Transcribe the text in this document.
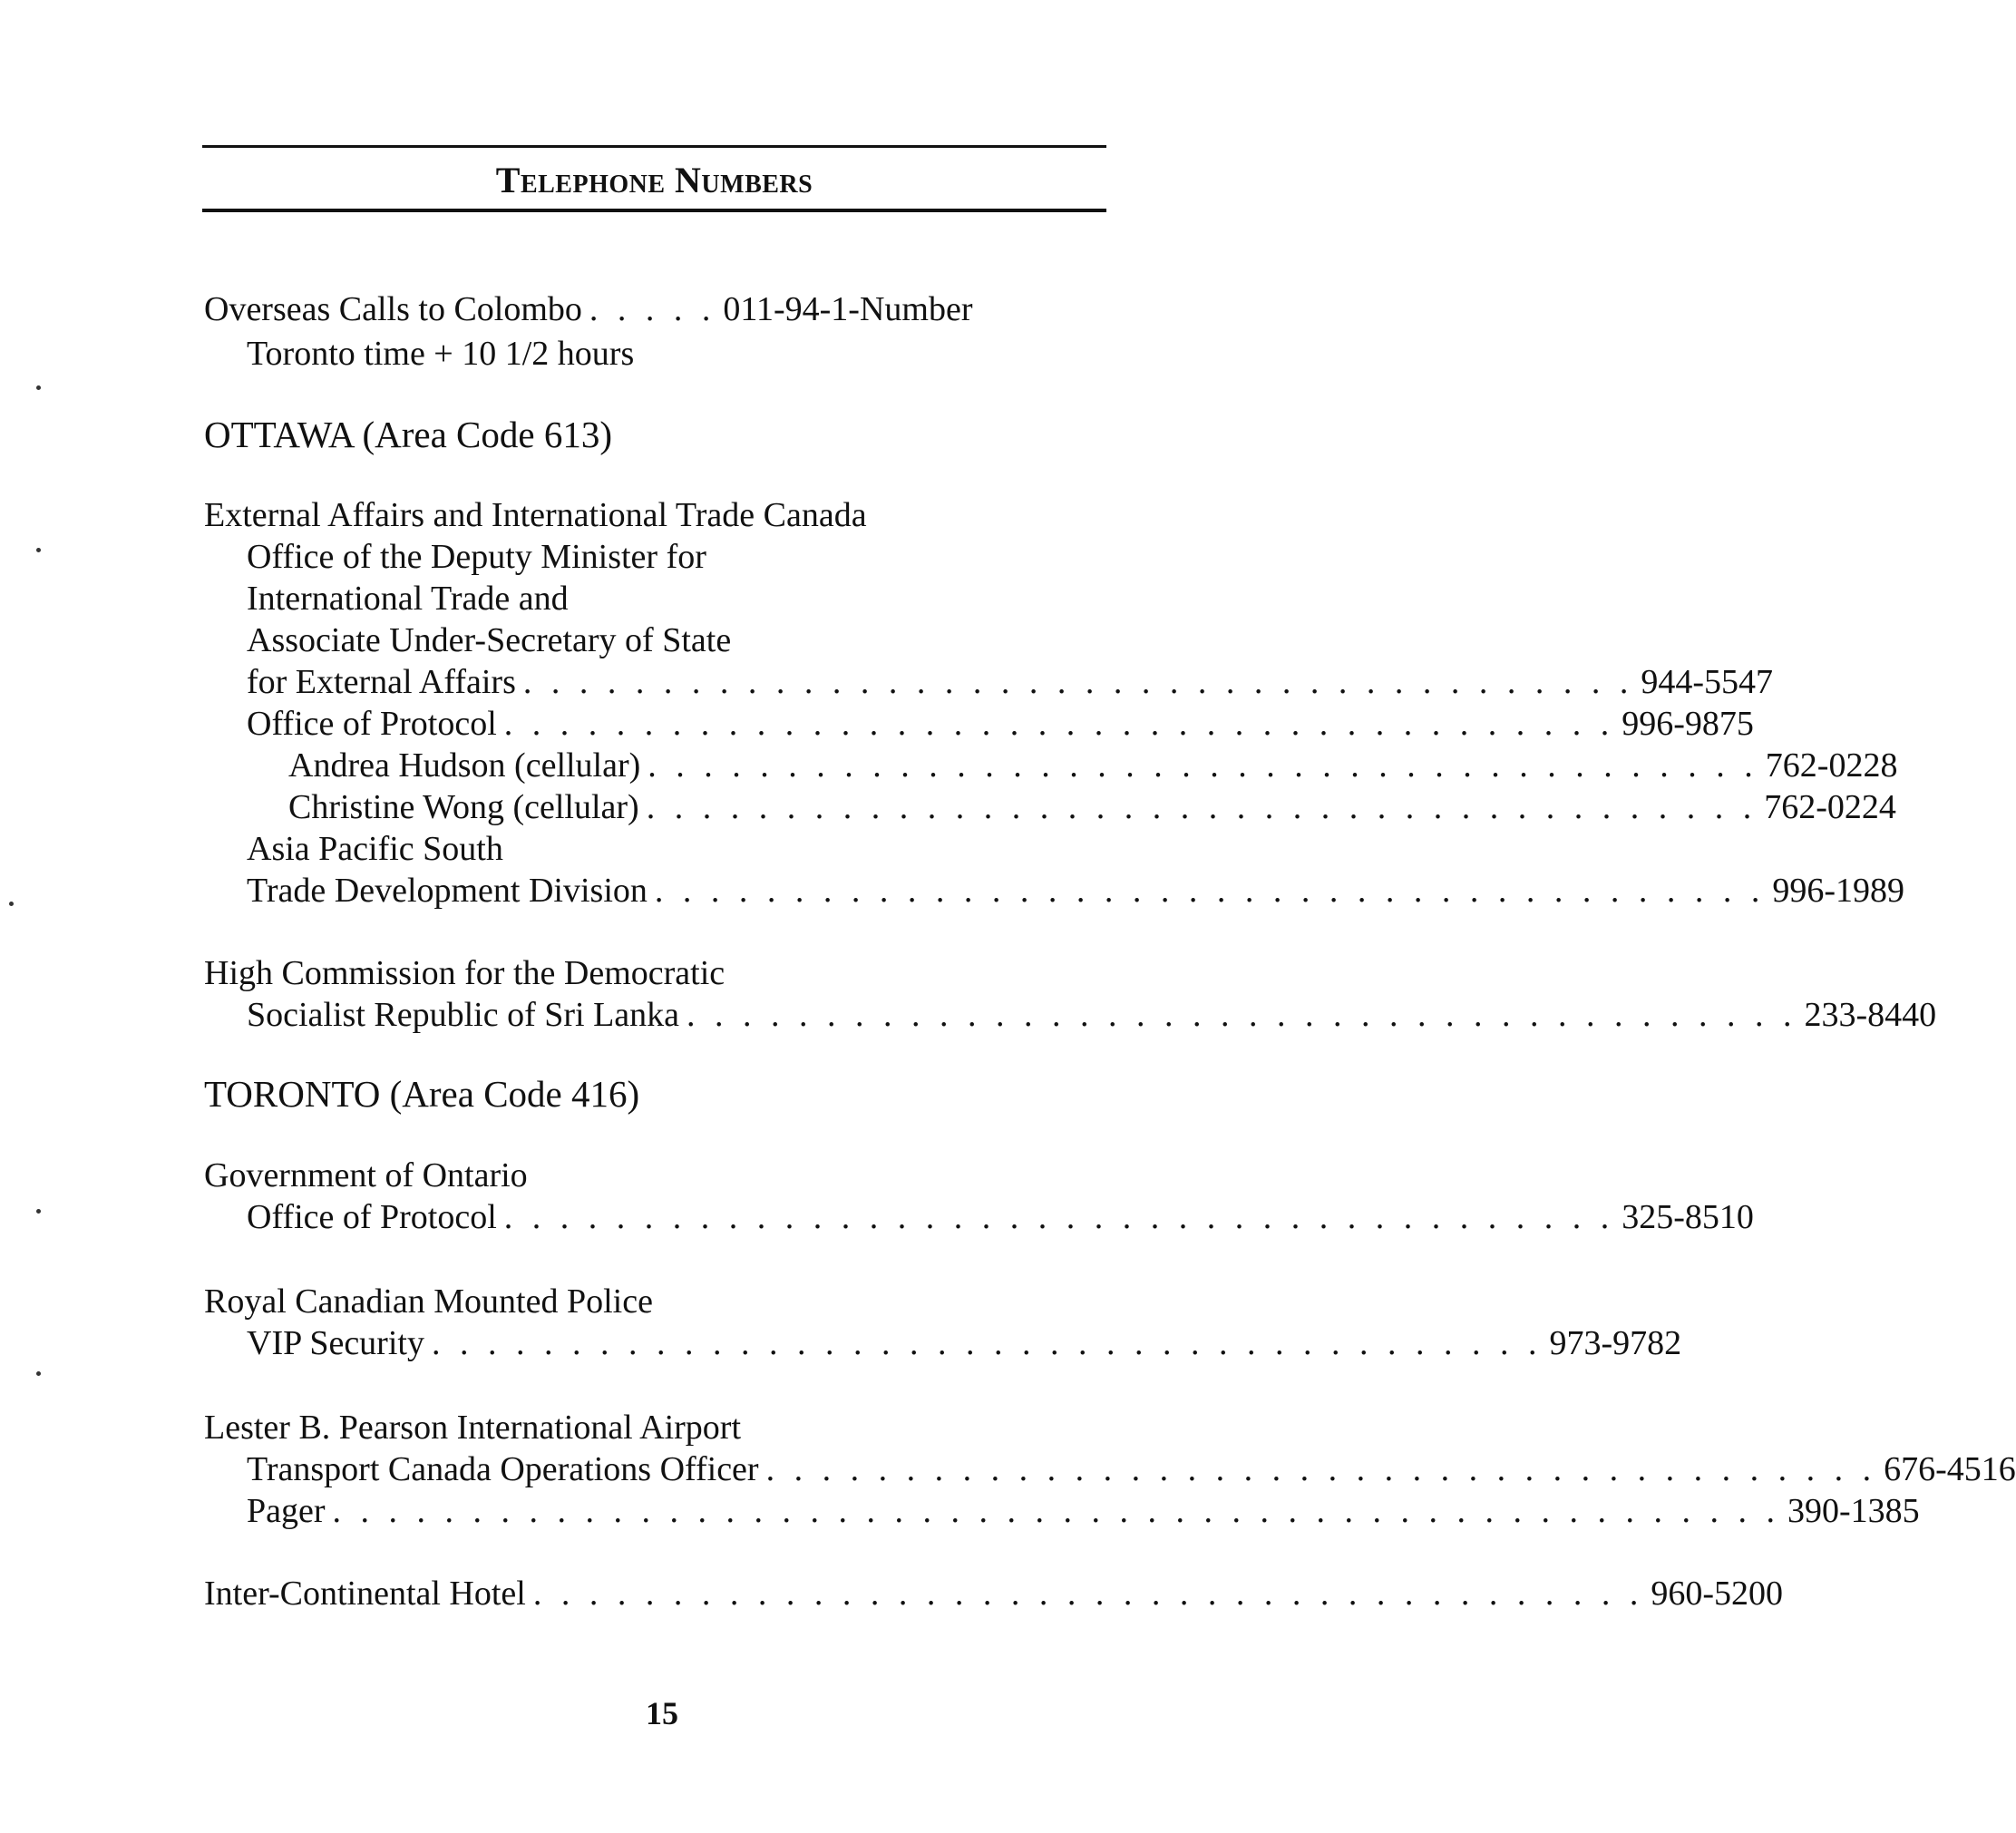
Telephone Numbers
Overseas Calls to Colombo . . . . . 011-94-1-Number
Toronto time + 10 1/2 hours
OTTAWA (Area Code 613)
External Affairs and International Trade Canada
Office of the Deputy Minister for
International Trade and
Associate Under-Secretary of State
for External Affairs . . . . . . . . . . . . . . . . . . . . . . . . . . . . . . . . . . . . . . . . 944-5547
Office of Protocol . . . . . . . . . . . . . . . . . . . . . . . . . . . . . . . . . . . . . . . . 996-9875
Andrea Hudson (cellular) . . . . . . . . . . . . . . . . . . . . . . . . . . . . . . . . . . . . . . . . 762-0228
Christine Wong (cellular) . . . . . . . . . . . . . . . . . . . . . . . . . . . . . . . . . . . . . . . . 762-0224
Asia Pacific South
Trade Development Division . . . . . . . . . . . . . . . . . . . . . . . . . . . . . . . . . . . . . . . . 996-1989
High Commission for the Democratic
Socialist Republic of Sri Lanka . . . . . . . . . . . . . . . . . . . . . . . . . . . . . . . . . . . . . . . . 233-8440
TORONTO (Area Code 416)
Government of Ontario
Office of Protocol . . . . . . . . . . . . . . . . . . . . . . . . . . . . . . . . . . . . . . . . 325-8510
Royal Canadian Mounted Police
VIP Security . . . . . . . . . . . . . . . . . . . . . . . . . . . . . . . . . . . . . . . . 973-9782
Lester B. Pearson International Airport
Transport Canada Operations Officer . . . . . . . . . . . . . . . . . . . . . . . . . . . . . . . . . . . . . . . . 676-4516
Pager . . . . . . . . . . . . . . . . . . . . . . . . . . . . . . . . . . . . . . . . . . . . . . . . . . . . 390-1385
Inter-Continental Hotel . . . . . . . . . . . . . . . . . . . . . . . . . . . . . . . . . . . . . . . . 960-5200
15
